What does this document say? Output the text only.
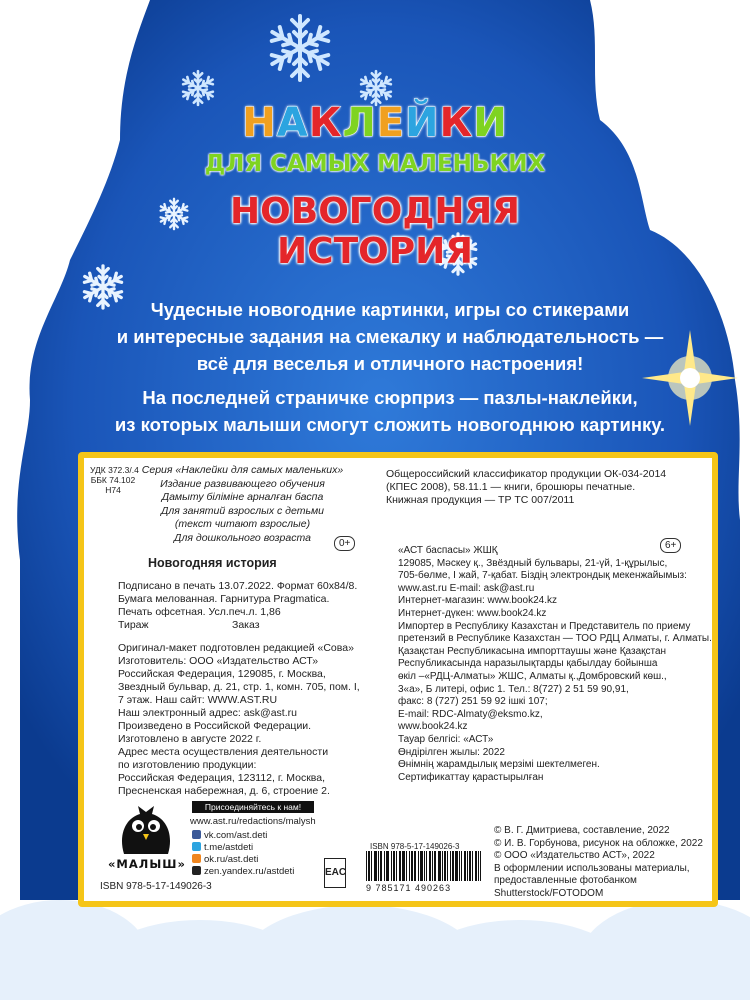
НАКЛЕЙКИ
ДЛЯ САМЫХ МАЛЕНЬКИХ
НОВОГОДНЯЯ
ИСТОРИЯ
Чудесные новогодние картинки, игры со стикерами
и интересные задания на смекалку и наблюдательность —
всё для веселья и отличного настроения!
На последней страничке сюрприз — пазлы-наклейки,
из которых малыши смогут сложить новогоднюю картинку.
УДК 372.3/.4
ББК 74.102
Н74
Серия «Наклейки для самых маленьких»
Издание развивающего обучения
Дамыту біліміне арналған баспа
Для занятий взрослых с детьми
(текст читают взрослые)
Для дошкольного возраста	0+
Новогодняя история
Подписано в печать 13.07.2022. Формат 60x84/8.
Бумага мелованная. Гарнитура Pragmatica.
Печать офсетная. Усл.печ.л. 1,86
Тираж	Заказ
Оригинал-макет подготовлен редакцией «Сова»
Изготовитель: ООО «Издательство АСТ»
Российская Федерация, 129085, г. Москва,
Звездный бульвар, д. 21, стр. 1, комн. 705, пом. I,
7 этаж. Наш сайт: WWW.AST.RU
Наш электронный адрес: ask@ast.ru
Произведено в Российской Федерации.
Изготовлено в августе 2022 г.
Адрес места осуществления деятельности
по изготовлению продукции:
Российская Федерация, 123112, г. Москва,
Пресненская набережная, д. 6, строение 2.
Общероссийский классификатор продукции ОК-034-2014
(КПЕС 2008), 58.11.1 — книги, брошюры печатные.
Книжная продукция — ТР ТС 007/2011
6+
«АСТ баспасы» ЖШҚ
129085, Мәскеу қ., Звёздный бульвары, 21-үй, 1-құрылыс,
705-бөлме, I жай, 7-қабат. Біздің электрондық мекенжайымыз:
www.ast.ru E-mail: ask@ast.ru
Интернет-магазин: www.book24.kz
Интернет-дүкен: www.book24.kz
Импортер в Республику Казахстан и Представитель по приему
претензий в Республике Казахстан — ТОО РДЦ Алматы, г. Алматы.
Қазақстан Республикасына импорттаушы және Қазақстан
Республикасында наразылықтарды қабылдау бойынша
өкіл –«РДЦ-Алматы» ЖШС, Алматы қ.,Домбровский көш.,
3«а», Б литері, офис 1. Тел.: 8(727) 2 51 59 90,91,
факс: 8 (727) 251 59 92 ішкі 107;
E-mail: RDC-Almaty@eksmo.kz,
www.book24.kz
Тауар белгісі: «АСТ»
Өндірілген жылы: 2022
Өнімнің жарамдылық мерзімі шектелмеген.
Сертификаттау қарастырылған
Присоединяйтесь к нам!
www.ast.ru/redactions/malysh
«МАЛЫШ»
vk.com/ast.deti
t.me/astdeti
ok.ru/ast.deti
zen.yandex.ru/astdeti
ISBN 978-5-17-149026-3
EAC
ISBN 978-5-17-149026-3
9 785171 490263
© В. Г. Дмитриева, составление, 2022
© И. В. Горбунова, рисунок на обложке, 2022
© ООО «Издательство АСТ», 2022
В оформлении использованы материалы,
предоставленные фотобанком
Shutterstock/FOTODOM
